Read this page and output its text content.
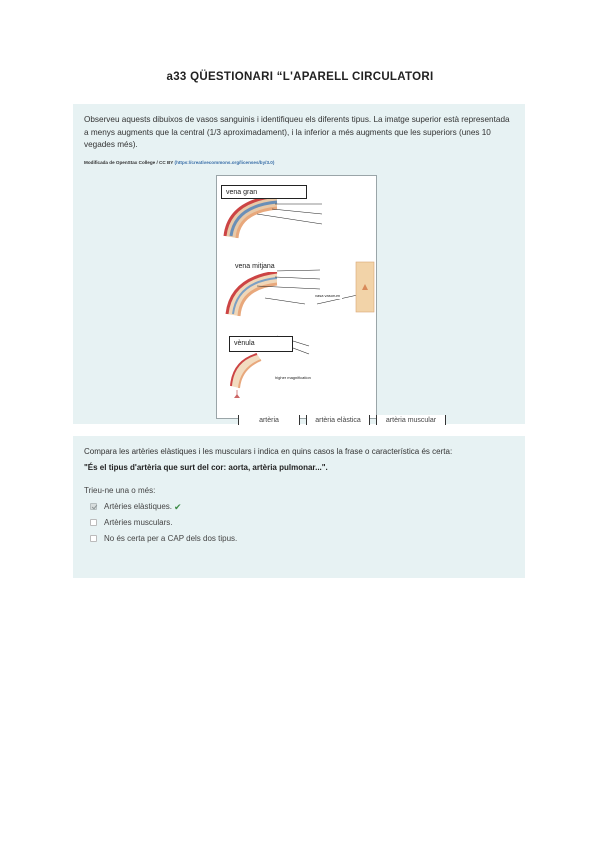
a33 QÜESTIONARI “L'APARELL CIRCULATORI

Observeu aquests dibuixos de vasos sanguinis i identifiqueu els diferents tipus. La imatge superior està representada a menys augments que la central (1/3 aproximadament), i la inferior a més augments que les superiors (unes 10 vegades més).

Modificada de OpenStax College / CC BY (https://creativecommons.org/licenses/by/3.0)
vena gran
vena mitjana
vènula
vasa vasorum
higher magnification
artèria	artèria elàstica	artèria muscular

Compara les artèries elàstiques i les musculars i indica en quins casos la frase o característica és certa:

"És el tipus d'artèria que surt del cor: aorta, artèria pulmonar...".
Trieu-ne una o més:
Artèries elàstiques. ✔
Artèries musculars.
No és certa per a CAP dels dos tipus.
